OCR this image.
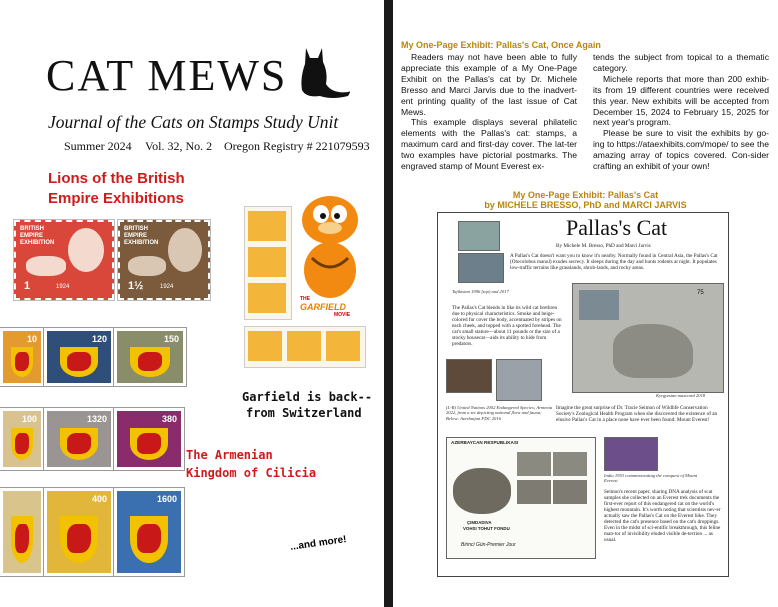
CAT MEWS
Journal of the Cats on Stamps Study Unit
Summer 2024 Vol. 32, No. 2 Oregon Registry # 221079593
Lions of the British
Empire Exhibitions
BRITISH EMPIRE EXHIBITION
1	1924
BRITISH EMPIRE EXHIBITION
1½	1924
THE
GARFIELD
MOVIE
Garfield is back--
from Switzerland
10	120	150
100	1320	380
400	1600
The Armenian
Kingdom of Cilicia
...and more!
My One-Page Exhibit: Pallas's Cat, Once Again
Readers may not have been able to fully appreciate this example of a My One-Page Exhibit on the Pallas's cat by Dr. Michele Bresso and Marci Jarvis due to the inadvert-ent printing quality of the last issue of Cat Mews.
This example displays several philatelic elements with the Pallas's cat: stamps, a maximum card and first-day cover. The lat-ter two examples have pictorial postmarks. The engraved stamp of Mount Everest ex-
tends the subject from topical to a thematic category.
Michele reports that more than 200 exhib-its from 19 different countries were received this year. New exhibits will be accepted from December 15, 2024 to February 15, 2025 for next year's program.
Please be sure to visit the exhibits by go-ing to https://ataexhibits.com/mope/ to see the amazing array of topics covered. Con-sider crafting an exhibit of your own!
My One-Page Exhibit: Pallas's Cat
by MICHELE BRESSO, PhD and MARCI JARVIS
Pallas's Cat
By Michele M. Bresso, PhD and Marci Jarvis
A Pallas's Cat doesn't want you to know it's nearby. Normally found in Central Asia, the Pallas's Cat (Otocolobus manul) exudes secrecy. It sleeps during the day and hunts rodents at night. It populates low-traffic terrains like grasslands, shrub-lands, and rocky areas.
Tajikistan 1996 (top) and 2017
The Pallas's Cat blends in like its wild cat brethren due to physical characteristics. Smoke and beige-colored fur cover the body, accentuated by stripes on each cheek, and topped with a spotted forehead. The cat's small stature—about 11 pounds or the size of a stocky housecat—aids its ability to hide from predators.
75
Kyrgyzstan maxicard 2018
(L-R) United Nations 2002 Endangered Species; Armenia 2022, from a set depicting national flora and fauna; Below: Azerbaijan FDC 2016
Imagine the great surprise of Dr. Tracie Seimon of Wildlife Conservation Society's Zoological Health Program when she discovered the existence of an elusive Pallas's Cat in a place none have ever been found: Mount Everest!
AZERBAYCAN RESPUBLIKASI
ÇIMDADIVA
VOHSI TOHUT FONDU
Birinci Gün-Premier Jour
India 1953 commemorating the conquest of Mount Everest
Seimon's recent paper, sharing DNA analysis of scat samples she collected on an Everest trek documents the first-ever report of this endangered cat on the world's highest mountain. It's worth noting that scientists nev-er actually saw the Pallas's Cat on the Everest hike. They detected the cat's presence based on the cat's droppings. Even in the midst of sci-entific breakthrough, this feline man-tor of invisibility eluded visible de-tection ... as usual.
